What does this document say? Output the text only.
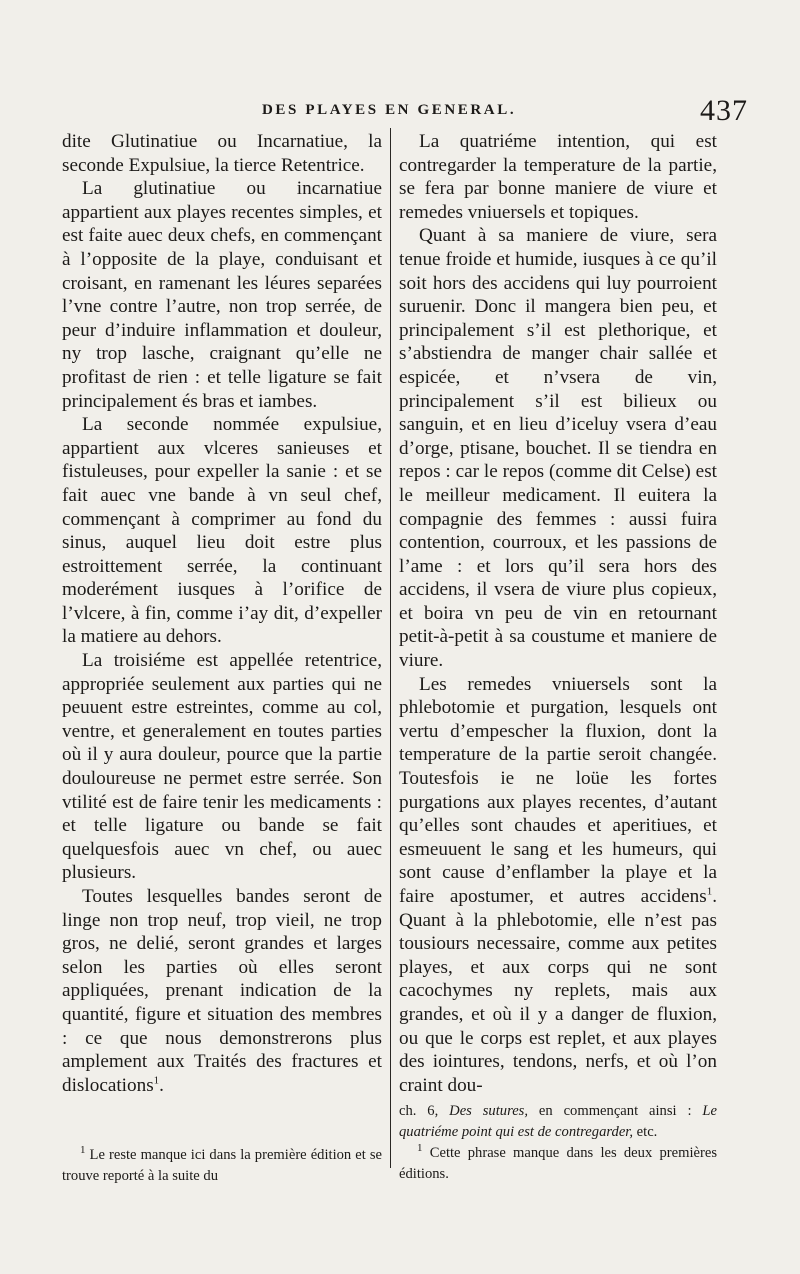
DES PLAYES EN GENERAL.	437

dite Glutinatiue ou Incarnatiue, la seconde Expulsiue, la tierce Retentrice.

La glutinatiue ou incarnatiue appartient aux playes recentes simples, et est faite auec deux chefs, en commençant à l’opposite de la playe, conduisant et croisant, en ramenant les léures separées l’vne contre l’autre, non trop serrée, de peur d’induire inflammation et douleur, ny trop lasche, craignant qu’elle ne profitast de rien : et telle ligature se fait principalement és bras et iambes.

La seconde nommée expulsiue, appartient aux vlceres sanieuses et fistuleuses, pour expeller la sanie : et se fait auec vne bande à vn seul chef, commençant à comprimer au fond du sinus, auquel lieu doit estre plus estroittement serrée, la continuant moderément iusques à l’orifice de l’vlcere, à fin, comme i’ay dit, d’expeller la matiere au dehors.

La troisiéme est appellée retentrice, appropriée seulement aux parties qui ne peuuent estre estreintes, comme au col, ventre, et generalement en toutes parties où il y aura douleur, pource que la partie douloureuse ne permet estre serrée. Son vtilité est de faire tenir les medicaments : et telle ligature ou bande se fait quelquesfois auec vn chef, ou auec plusieurs.

Toutes lesquelles bandes seront de linge non trop neuf, trop vieil, ne trop gros, ne delié, seront grandes et larges selon les parties où elles seront appliquées, prenant indication de la quantité, figure et situation des membres : ce que nous demonstrerons plus amplement aux Traités des fractures et dislocations$^1$.

La quatriéme intention, qui est contregarder la temperature de la partie, se fera par bonne maniere de viure et remedes vniuersels et topiques.

Quant à sa maniere de viure, sera tenue froide et humide, iusques à ce qu’il soit hors des accidens qui luy pourroient suruenir. Donc il mangera bien peu, et principalement s’il est plethorique, et s’abstiendra de manger chair sallée et espicée, et n’vsera de vin, principalement s’il est bilieux ou sanguin, et en lieu d’iceluy vsera d’eau d’orge, ptisane, bouchet. Il se tiendra en repos : car le repos (comme dit Celse) est le meilleur medicament. Il euitera la compagnie des femmes : aussi fuira contention, courroux, et les passions de l’ame : et lors qu’il sera hors des accidens, il vsera de viure plus copieux, et boira vn peu de vin en retournant petit-à-petit à sa coustume et maniere de viure.

Les remedes vniuersels sont la phlebotomie et purgation, lesquels ont vertu d’empescher la fluxion, dont la temperature de la partie seroit changée. Toutesfois ie ne loüe les fortes purgations aux playes recentes, d’autant qu’elles sont chaudes et aperitiues, et esmeuuent le sang et les humeurs, qui sont cause d’enflamber la playe et la faire apostumer, et autres accidens$^1$. Quant à la phlebotomie, elle n’est pas tousiours necessaire, comme aux petites playes, et aux corps qui ne sont cacochymes ny replets, mais aux grandes, et où il y a danger de fluxion, ou que le corps est replet, et aux playes des iointures, tendons, nerfs, et où l’on craint dou-

$^1$ Le reste manque ici dans la première édition et se trouve reporté à la suite du

ch. 6, Des sutures, en commençant ainsi : Le quatriéme point qui est de contregarder, etc.

$^1$ Cette phrase manque dans les deux premières éditions.
